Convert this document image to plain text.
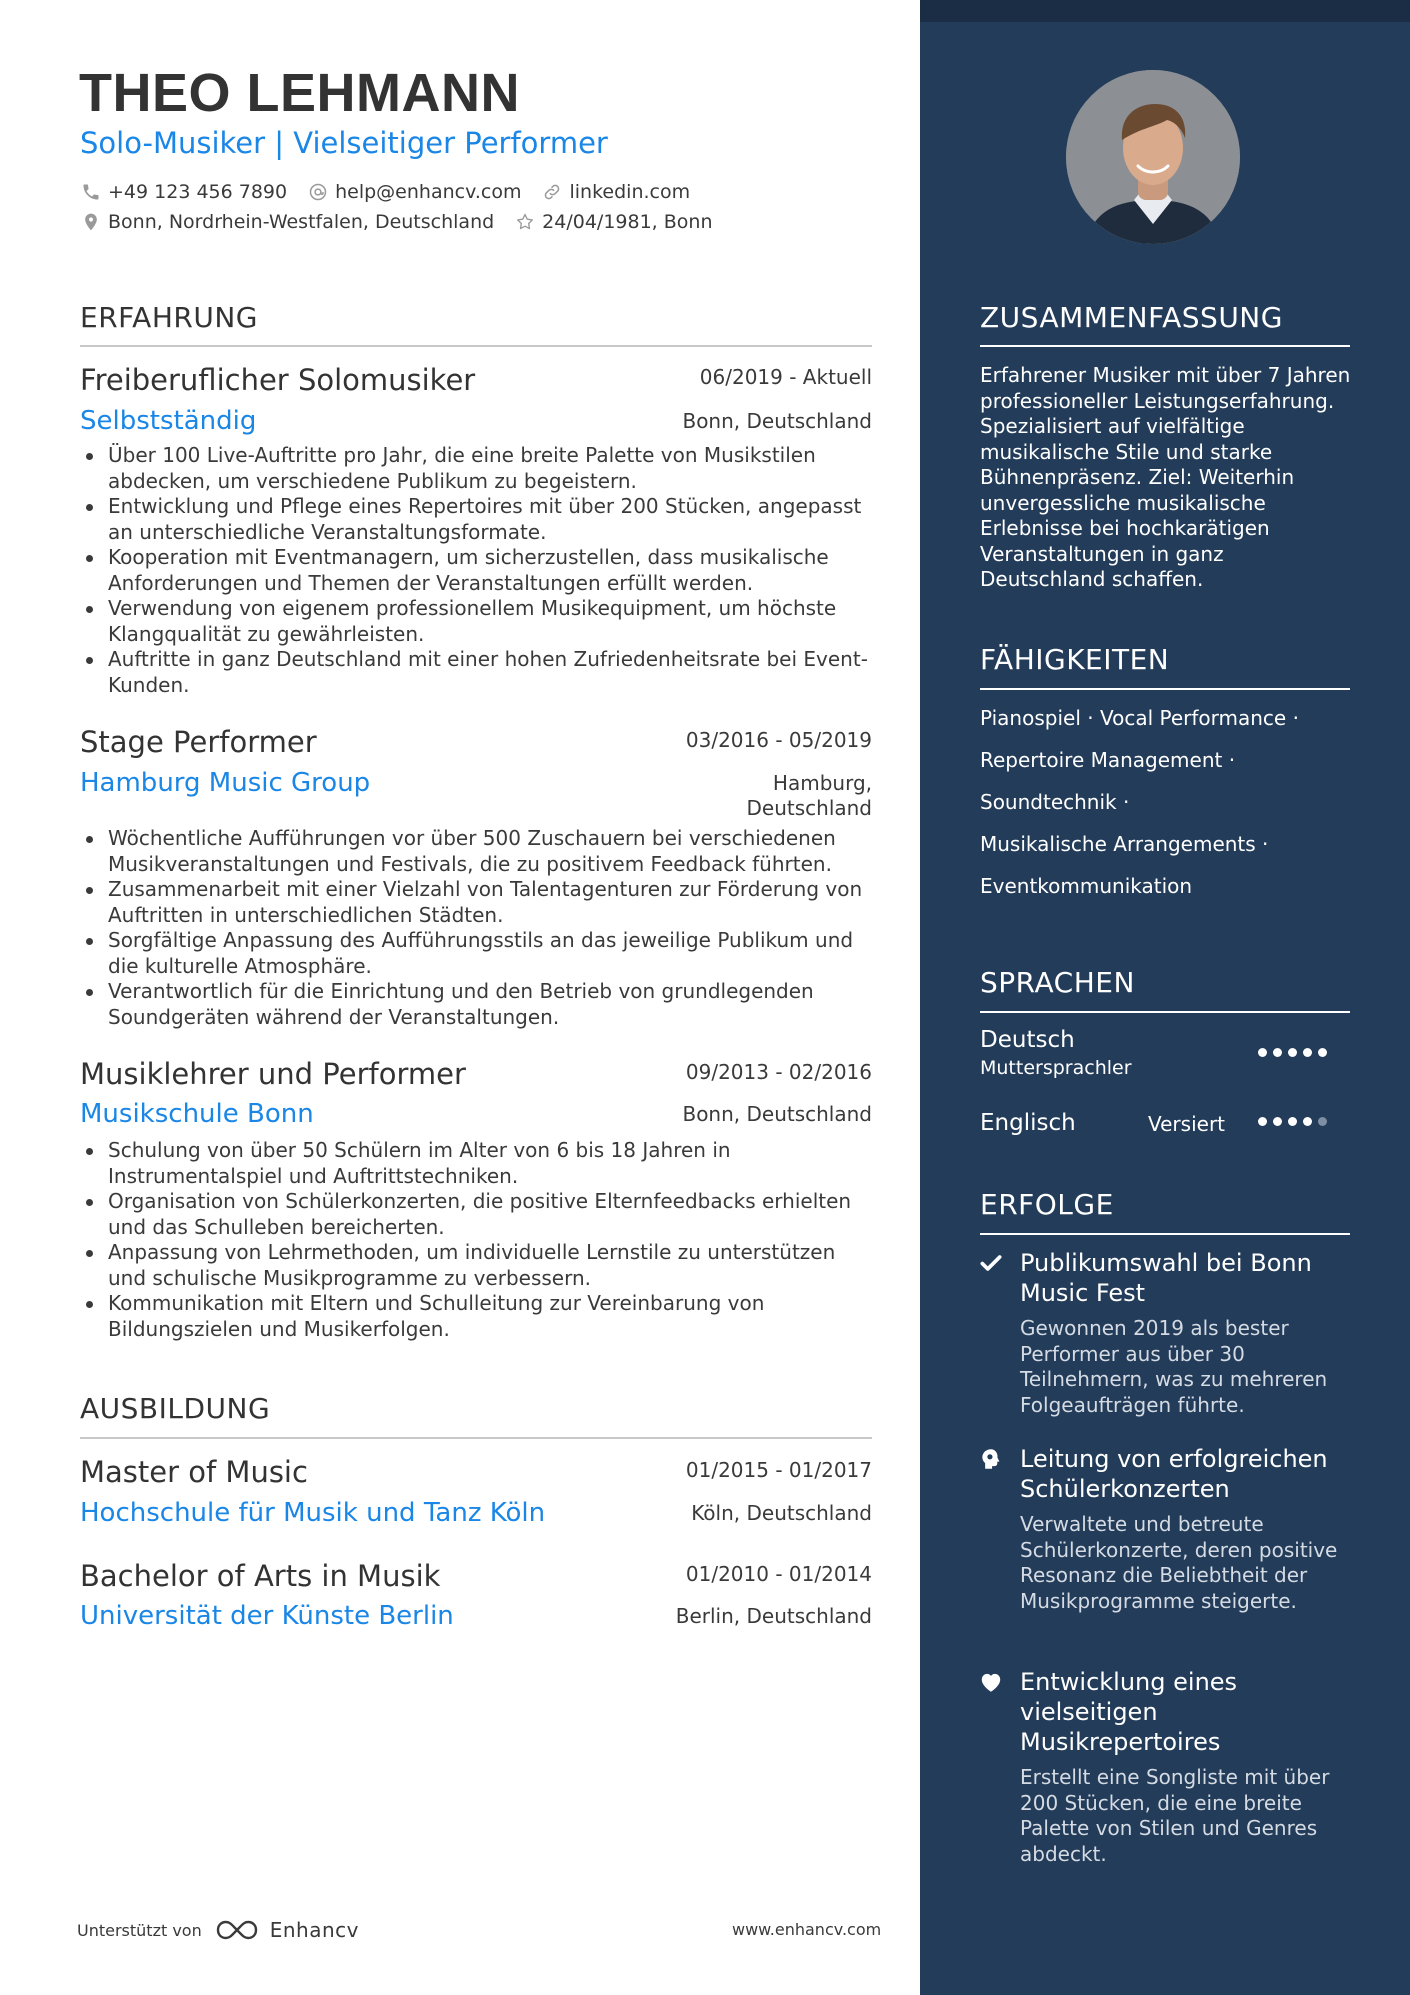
THEO LEHMANN
Solo-Musiker | Vielseitiger Performer
+49 123 456 7890	help@enhancv.com	linkedin.com
Bonn, Nordrhein-Westfalen, Deutschland	24/04/1981, Bonn
ERFAHRUNG
Freiberuflicher Solomusiker	06/2019 - Aktuell
Selbstständig	Bonn, Deutschland
Über 100 Live-Auftritte pro Jahr, die eine breite Palette von Musikstilen abdecken, um verschiedene Publikum zu begeistern.
Entwicklung und Pflege eines Repertoires mit über 200 Stücken, angepasst an unterschiedliche Veranstaltungsformate.
Kooperation mit Eventmanagern, um sicherzustellen, dass musikalische Anforderungen und Themen der Veranstaltungen erfüllt werden.
Verwendung von eigenem professionellem Musikequipment, um höchste Klangqualität zu gewährleisten.
Auftritte in ganz Deutschland mit einer hohen Zufriedenheitsrate bei Event-Kunden.
Stage Performer	03/2016 - 05/2019
Hamburg Music Group	Hamburg,
Deutschland
Wöchentliche Aufführungen vor über 500 Zuschauern bei verschiedenen Musikveranstaltungen und Festivals, die zu positivem Feedback führten.
Zusammenarbeit mit einer Vielzahl von Talentagenturen zur Förderung von Auftritten in unterschiedlichen Städten.
Sorgfältige Anpassung des Aufführungsstils an das jeweilige Publikum und die kulturelle Atmosphäre.
Verantwortlich für die Einrichtung und den Betrieb von grundlegenden Soundgeräten während der Veranstaltungen.
Musiklehrer und Performer	09/2013 - 02/2016
Musikschule Bonn	Bonn, Deutschland
Schulung von über 50 Schülern im Alter von 6 bis 18 Jahren in Instrumentalspiel und Auftrittstechniken.
Organisation von Schülerkonzerten, die positive Elternfeedbacks erhielten und das Schulleben bereicherten.
Anpassung von Lehrmethoden, um individuelle Lernstile zu unterstützen und schulische Musikprogramme zu verbessern.
Kommunikation mit Eltern und Schulleitung zur Vereinbarung von Bildungszielen und Musikerfolgen.
AUSBILDUNG
Master of Music	01/2015 - 01/2017
Hochschule für Musik und Tanz Köln	Köln, Deutschland
Bachelor of Arts in Musik	01/2010 - 01/2014
Universität der Künste Berlin	Berlin, Deutschland
Unterstützt von	Enhancv	www.enhancv.com
ZUSAMMENFASSUNG
Erfahrener Musiker mit über 7 Jahren professioneller Leistungserfahrung. Spezialisiert auf vielfältige musikalische Stile und starke Bühnenpräsenz. Ziel: Weiterhin unvergessliche musikalische Erlebnisse bei hochkarätigen Veranstaltungen in ganz Deutschland schaffen.
FÄHIGKEITEN
Pianospiel · Vocal Performance ·
Repertoire Management ·
Soundtechnik ·
Musikalische Arrangements ·
Eventkommunikation
SPRACHEN
Deutsch
Muttersprachler
Englisch	Versiert
ERFOLGE
Publikumswahl bei Bonn Music Fest
Gewonnen 2019 als bester Performer aus über 30 Teilnehmern, was zu mehreren Folgeaufträgen führte.
Leitung von erfolgreichen Schülerkonzerten
Verwaltete und betreute Schülerkonzerte, deren positive Resonanz die Beliebtheit der Musikprogramme steigerte.
Entwicklung eines vielseitigen Musikrepertoires
Erstellt eine Songliste mit über 200 Stücken, die eine breite Palette von Stilen und Genres abdeckt.
